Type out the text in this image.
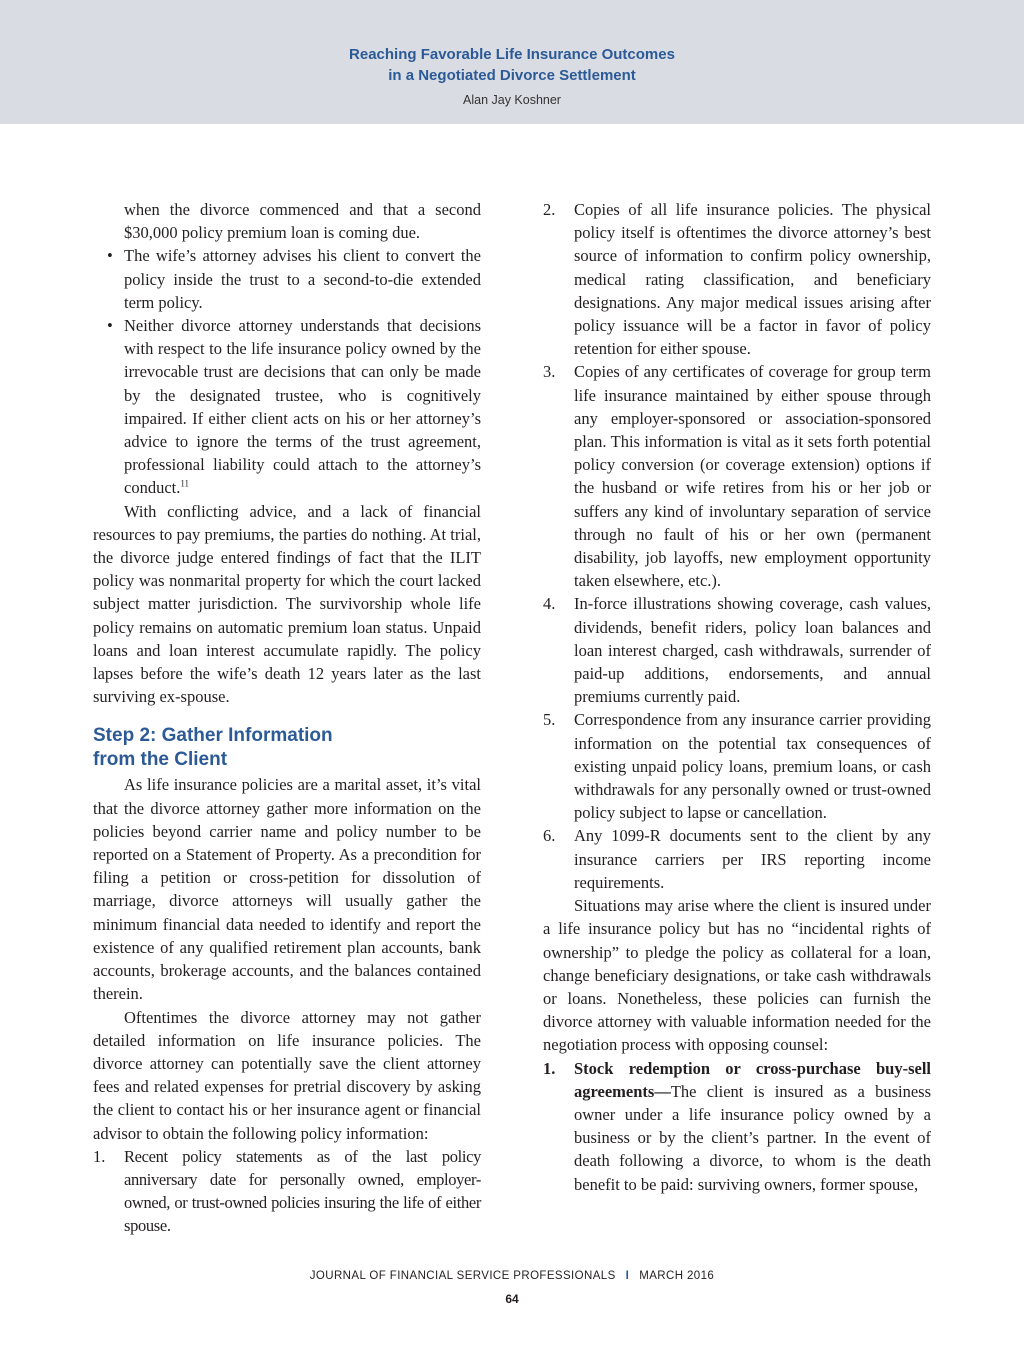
Reaching Favorable Life Insurance Outcomes
in a Negotiated Divorce Settlement
Alan Jay Koshner

when the divorce commenced and that a second $30,000 policy premium loan is coming due.

• The wife’s attorney advises his client to convert the policy inside the trust to a second-to-die extended term policy.

• Neither divorce attorney understands that decisions with respect to the life insurance policy owned by the irrevocable trust are decisions that can only be made by the designated trustee, who is cognitively impaired. If either client acts on his or her attorney’s advice to ignore the terms of the trust agreement, professional liability could attach to the attorney’s conduct.$^{11}$

With conflicting advice, and a lack of financial resources to pay premiums, the parties do nothing. At trial, the divorce judge entered findings of fact that the ILIT policy was nonmarital property for which the court lacked subject matter jurisdiction. The survivorship whole life policy remains on automatic premium loan status. Unpaid loans and loan interest accumulate rapidly. The policy lapses before the wife’s death 12 years later as the last surviving ex-spouse.

Step 2: Gather Information
from the Client

As life insurance policies are a marital asset, it’s vital that the divorce attorney gather more information on the policies beyond carrier name and policy number to be reported on a Statement of Property. As a precondition for filing a petition or cross-petition for dissolution of marriage, divorce attorneys will usually gather the minimum financial data needed to identify and report the existence of any qualified retirement plan accounts, bank accounts, brokerage accounts, and the balances contained therein.

Oftentimes the divorce attorney may not gather detailed information on life insurance policies. The divorce attorney can potentially save the client attorney fees and related expenses for pretrial discovery by asking the client to contact his or her insurance agent or financial advisor to obtain the following policy information:

1. Recent policy statements as of the last policy anniversary date for personally owned, employer-owned, or trust-owned policies insuring the life of either spouse.

2. Copies of all life insurance policies. The physical policy itself is oftentimes the divorce attorney’s best source of information to confirm policy ownership, medical rating classification, and beneficiary designations. Any major medical issues arising after policy issuance will be a factor in favor of policy retention for either spouse.

3. Copies of any certificates of coverage for group term life insurance maintained by either spouse through any employer-sponsored or association-sponsored plan. This information is vital as it sets forth potential policy conversion (or coverage extension) options if the husband or wife retires from his or her job or suffers any kind of involuntary separation of service through no fault of his or her own (permanent disability, job layoffs, new employment opportunity taken elsewhere, etc.).

4. In-force illustrations showing coverage, cash values, dividends, benefit riders, policy loan balances and loan interest charged, cash withdrawals, surrender of paid-up additions, endorsements, and annual premiums currently paid.

5. Correspondence from any insurance carrier providing information on the potential tax consequences of existing unpaid policy loans, premium loans, or cash withdrawals for any personally owned or trust-owned policy subject to lapse or cancellation.

6. Any 1099-R documents sent to the client by any insurance carriers per IRS reporting income requirements.

Situations may arise where the client is insured under a life insurance policy but has no “incidental rights of ownership” to pledge the policy as collateral for a loan, change beneficiary designations, or take cash withdrawals or loans. Nonetheless, these policies can furnish the divorce attorney with valuable information needed for the negotiation process with opposing counsel:

1. Stock redemption or cross-purchase buy-sell agreements—The client is insured as a business owner under a life insurance policy owned by a business or by the client’s partner. In the event of death following a divorce, to whom is the death benefit to be paid: surviving owners, former spouse,

JOURNAL OF FINANCIAL SERVICE PROFESSIONALS I MARCH 2016
64
